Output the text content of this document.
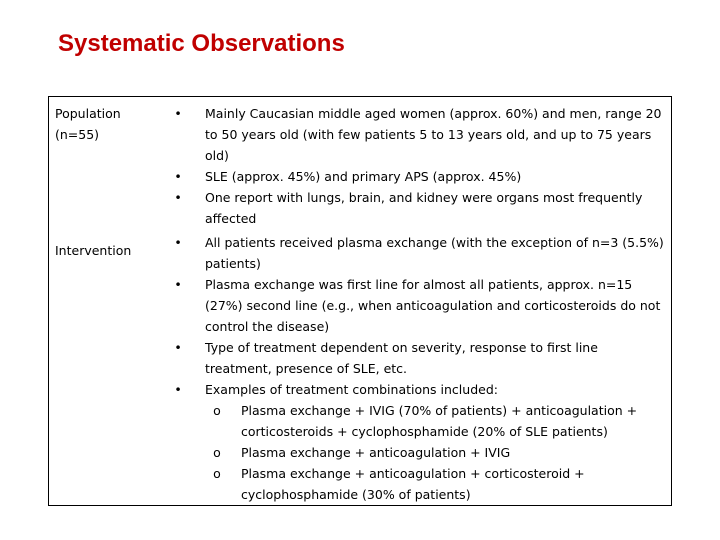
Systematic Observations
Population
(n=55)
• Mainly Caucasian middle aged women (approx. 60%) and men, range 20 to 50 years old (with few patients 5 to 13 years old, and up to 75 years old)
• SLE (approx. 45%) and primary APS (approx. 45%)
• One report with lungs, brain, and kidney were organs most frequently affected
Intervention
• All patients received plasma exchange (with the exception of n=3 (5.5%) patients)
• Plasma exchange was first line for almost all patients, approx. n=15 (27%) second line (e.g., when anticoagulation and corticosteroids do not control the disease)
• Type of treatment dependent on severity, response to first line treatment, presence of SLE, etc.
• Examples of treatment combinations included:
o Plasma exchange + IVIG (70% of patients) + anticoagulation + corticosteroids + cyclophosphamide (20% of SLE patients)
o Plasma exchange + anticoagulation + IVIG
o Plasma exchange + anticoagulation + corticosteroid + cyclophosphamide (30% of patients)
